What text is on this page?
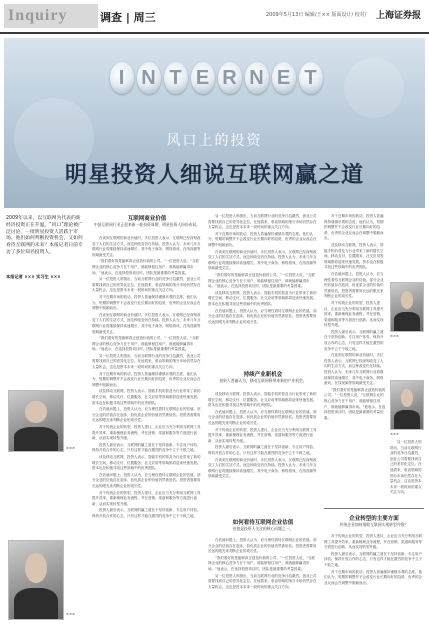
Inquiry	调查 | 周三	2009年5月13日 编辑/王×× 版面设计/ 校对/ 上海证券报
I N T E R N E T
风口上的投资
明星投资人细说互联网赢之道
2009年以来，以互联网为代表的新经济投资正在升温，“风口”理论被广泛讨论，一批明星投资人活跃于市场。他们如何判断投资机会，又如何看待互联网的未来？本报记者日前专访了多位知名投资人。
本报记者 ××× 实习生 ×××
×××
×××
互联网商业价值
中国互联网行业正迎来新一轮投资周期，明星投资人纷纷布局。

在谈到互联网的商业价值时，多位投资人表示，互联网已经深刻改变了人们的生活方式，而这种改变仍在持续。投资人认为，未来几年互联网行业将继续保持高速增长，其中电子商务、网络游戏、在线视频等领域最受关注。

“我们看好的是能够真正创造价值的公司。”一位投资人说，“互联网企业的核心竞争力在于用户，谁能够留住用户，谁就能够赢得市场。”他表示，在选择投资项目时，团队是最重要的考量因素。

另一位投资人则指出，当前互联网行业的竞争日趋激烈，创业公司需要找到自己的差异化定位。在他看来，垂直领域的细分市场仍然存在大量机会，这也是资本未来一段时间的重点关注方向。

对于近期市场的波动，投资人普遍保持谨慎乐观的态度。他们认为，短期的调整并不会改变行业长期向好的趋势，优秀的企业反而会在调整中脱颖而出。

在谈到互联网的商业价值时，多位投资人表示，互联网已经深刻改变了人们的生活方式，而这种改变仍在持续。投资人认为，未来几年互联网行业将继续保持高速增长，其中电子商务、网络游戏、在线视频等领域最受关注。

“我们看好的是能够真正创造价值的公司。”一位投资人说，“互联网企业的核心竞争力在于用户，谁能够留住用户，谁就能够赢得市场。”他表示，在选择投资项目时，团队是最重要的考量因素。

另一位投资人则指出，当前互联网行业的竞争日趋激烈，创业公司需要找到自己的差异化定位。在他看来，垂直领域的细分市场仍然存在大量机会，这也是资本未来一段时间的重点关注方向。

对于近期市场的波动，投资人普遍保持谨慎乐观的态度。他们认为，短期的调整并不会改变行业长期向好的趋势，优秀的企业反而会在调整中脱颖而出。

谈及移动互联网，投资人表示，智能手机的普及为行业带来了新的增长空间，移动支付、位置服务、社交应用等领域都将迎来快速发展。资本也在积极寻找这些领域中的优秀团队。

在估值问题上，投资人认为，应当理性看待互联网企业的估值。部分企业的估值存在泡沫，但优质企业的价值仍然被低估。投资者需要用长远的眼光来判断企业的成长性。

对于传统企业的转型，投资人建议，企业应当充分利用互联网工具提升效率，重新梳理业务流程，并在营销、渠道和服务等方面进行创新，从而实现转型升级。

投资人最后表示，互联网的赢之道在于坚持创新、专注用户体验、保持开放合作的心态，只有这样才能在激烈的竞争中立于不败之地。

谈及移动互联网，投资人表示，智能手机的普及为行业带来了新的增长空间，移动支付、位置服务、社交应用等领域都将迎来快速发展。资本也在积极寻找这些领域中的优秀团队。

在估值问题上，投资人认为，应当理性看待互联网企业的估值。部分企业的估值存在泡沫，但优质企业的价值仍然被低估。投资者需要用长远的眼光来判断企业的成长性。

对于传统企业的转型，投资人建议，企业应当充分利用互联网工具提升效率，重新梳理业务流程，并在营销、渠道和服务等方面进行创新，从而实现转型升级。

投资人最后表示，互联网的赢之道在于坚持创新、专注用户体验、保持开放合作的心态，只有这样才能在激烈的竞争中立于不败之地。

另一位投资人则指出，当前互联网行业的竞争日趋激烈，创业公司需要找到自己的差异化定位。在他看来，垂直领域的细分市场仍然存在大量机会，这也是资本未来一段时间的重点关注方向。

对于近期市场的波动，投资人普遍保持谨慎乐观的态度。他们认为，短期的调整并不会改变行业长期向好的趋势，优秀的企业反而会在调整中脱颖而出。

在谈到互联网的商业价值时，多位投资人表示，互联网已经深刻改变了人们的生活方式，而这种改变仍在持续。投资人认为，未来几年互联网行业将继续保持高速增长，其中电子商务、网络游戏、在线视频等领域最受关注。

“我们看好的是能够真正创造价值的公司。”一位投资人说，“互联网企业的核心竞争力在于用户，谁能够留住用户，谁就能够赢得市场。”他表示，在选择投资项目时，团队是最重要的考量因素。

谈及移动互联网，投资人表示，智能手机的普及为行业带来了新的增长空间，移动支付、位置服务、社交应用等领域都将迎来快速发展。资本也在积极寻找这些领域中的优秀团队。

在估值问题上，投资人认为，应当理性看待互联网企业的估值。部分企业的估值存在泡沫，但优质企业的价值仍然被低估。投资者需要用长远的眼光来判断企业的成长性。

持续产业新机会
投资人普遍认为，移动互联网将带来新的产业机会。

谈及移动互联网，投资人表示，智能手机的普及为行业带来了新的增长空间，移动支付、位置服务、社交应用等领域都将迎来快速发展。资本也在积极寻找这些领域中的优秀团队。

在估值问题上，投资人认为，应当理性看待互联网企业的估值。部分企业的估值存在泡沫，但优质企业的价值仍然被低估。投资者需要用长远的眼光来判断企业的成长性。

对于传统企业的转型，投资人建议，企业应当充分利用互联网工具提升效率，重新梳理业务流程，并在营销、渠道和服务等方面进行创新，从而实现转型升级。

投资人最后表示，互联网的赢之道在于坚持创新、专注用户体验、保持开放合作的心态，只有这样才能在激烈的竞争中立于不败之地。

在谈到互联网的商业价值时，多位投资人表示，互联网已经深刻改变了人们的生活方式，而这种改变仍在持续。投资人认为，未来几年互联网行业将继续保持高速增长，其中电子商务、网络游戏、在线视频等领域最受关注。

如何看待互联网企业估值
估值是投资人关注的核心问题之一。

在估值问题上，投资人认为，应当理性看待互联网企业的估值。部分企业的估值存在泡沫，但优质企业的价值仍然被低估。投资者需要用长远的眼光来判断企业的成长性。

“我们看好的是能够真正创造价值的公司。”一位投资人说，“互联网企业的核心竞争力在于用户，谁能够留住用户，谁就能够赢得市场。”他表示，在选择投资项目时，团队是最重要的考量因素。

另一位投资人则指出，当前互联网行业的竞争日趋激烈，创业公司需要找到自己的差异化定位。在他看来，垂直领域的细分市场仍然存在大量机会，这也是资本未来一段时间的重点关注方向。

对于近期市场的波动，投资人普遍保持谨慎乐观的态度。他们认为，短期的调整并不会改变行业长期向好的趋势，优秀的企业反而会在调整中脱颖而出。

谈及移动互联网，投资人表示，智能手机的普及为行业带来了新的增长空间，移动支付、位置服务、社交应用等领域都将迎来快速发展。资本也在积极寻找这些领域中的优秀团队。

在估值问题上，投资人认为，应当理性看待互联网企业的估值。部分企业的估值存在泡沫，但优质企业的价值仍然被低估。投资者需要用长远的眼光来判断企业的成长性。

对于传统企业的转型，投资人建议，企业应当充分利用互联网工具提升效率，重新梳理业务流程，并在营销、渠道和服务等方面进行创新，从而实现转型升级。

投资人最后表示，互联网的赢之道在于坚持创新、专注用户体验、保持开放合作的心态，只有这样才能在激烈的竞争中立于不败之地。

在谈到互联网的商业价值时，多位投资人表示，互联网已经深刻改变了人们的生活方式，而这种改变仍在持续。投资人认为，未来几年互联网行业将继续保持高速增长，其中电子商务、网络游戏、在线视频等领域最受关注。

“我们看好的是能够真正创造价值的公司。”一位投资人说，“互联网企业的核心竞争力在于用户，谁能够留住用户，谁就能够赢得市场。”他表示，在选择投资项目时，团队是最重要的考量因素。

×××
×××

另一位投资人则指出，当前互联网行业的竞争日趋激烈，创业公司需要找到自己的差异化定位。在他看来，垂直领域的细分市场仍然存在大量机会，这也是资本未来一段时间的重点关注方向。

企业转型的主要方面
传统企业如何借助互联网实现转型升级？

对于传统企业的转型，投资人建议，企业应当充分利用互联网工具提升效率，重新梳理业务流程，并在营销、渠道和服务等方面进行创新，从而实现转型升级。

投资人最后表示，互联网的赢之道在于坚持创新、专注用户体验、保持开放合作的心态，只有这样才能在激烈的竞争中立于不败之地。

对于近期市场的波动，投资人普遍保持谨慎乐观的态度。他们认为，短期的调整并不会改变行业长期向好的趋势，优秀的企业反而会在调整中脱颖而出。
